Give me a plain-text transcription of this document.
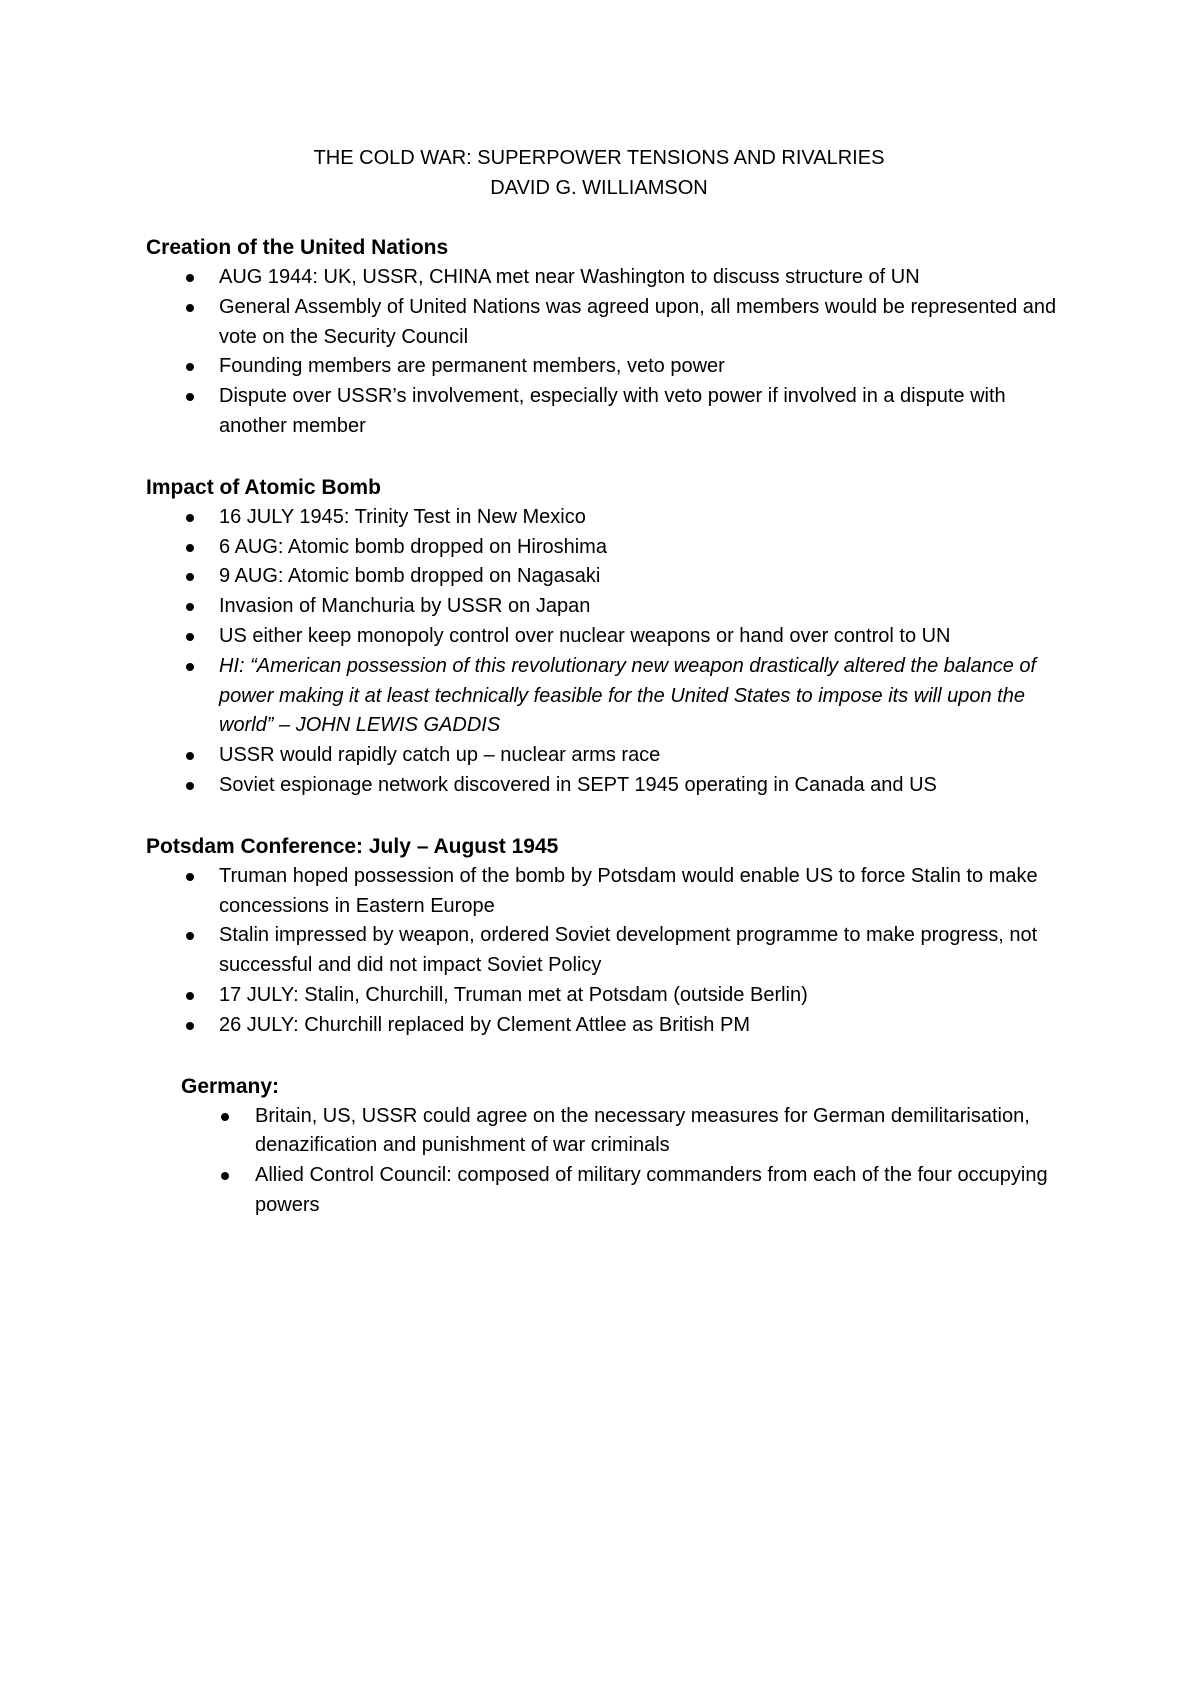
THE COLD WAR: SUPERPOWER TENSIONS AND RIVALRIES
DAVID G. WILLIAMSON
Creation of the United Nations
AUG 1944: UK, USSR, CHINA met near Washington to discuss structure of UN
General Assembly of United Nations was agreed upon, all members would be represented and vote on the Security Council
Founding members are permanent members, veto power
Dispute over USSR’s involvement, especially with veto power if involved in a dispute with another member
Impact of Atomic Bomb
16 JULY 1945: Trinity Test in New Mexico
6 AUG: Atomic bomb dropped on Hiroshima
9 AUG: Atomic bomb dropped on Nagasaki
Invasion of Manchuria by USSR on Japan
US either keep monopoly control over nuclear weapons or hand over control to UN
HI: “American possession of this revolutionary new weapon drastically altered the balance of power making it at least technically feasible for the United States to impose its will upon the world” – JOHN LEWIS GADDIS
USSR would rapidly catch up – nuclear arms race
Soviet espionage network discovered in SEPT 1945 operating in Canada and US
Potsdam Conference: July – August 1945
Truman hoped possession of the bomb by Potsdam would enable US to force Stalin to make concessions in Eastern Europe
Stalin impressed by weapon, ordered Soviet development programme to make progress, not successful and did not impact Soviet Policy
17 JULY: Stalin, Churchill, Truman met at Potsdam (outside Berlin)
26 JULY: Churchill replaced by Clement Attlee as British PM
Germany:
Britain, US, USSR could agree on the necessary measures for German demilitarisation, denazification and punishment of war criminals
Allied Control Council: composed of military commanders from each of the four occupying powers
